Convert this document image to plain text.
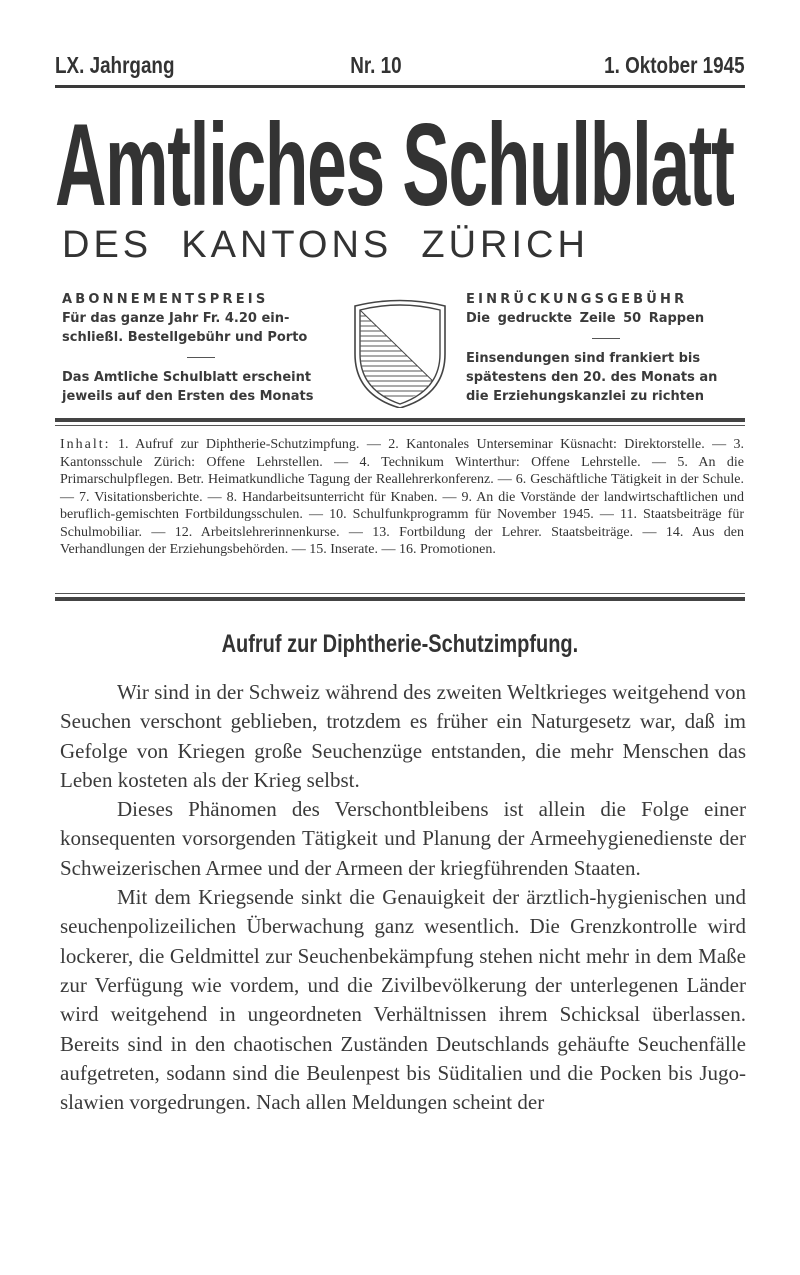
LX. Jahrgang	Nr. 10	1. Oktober 1945
Amtliches Schulblatt
DES  KANTONS  ZÜRICH
ABONNEMENTSPREIS
Für das ganze Jahr Fr. 4.20 ein-
schließl. Bestellgebühr und Porto
Das Amtliche Schulblatt erscheint
jeweils auf den Ersten des Monats
EINRÜCKUNGSGEBÜHR
Die gedruckte Zeile 50 Rappen
Einsendungen sind frankiert bis
spätestens den 20. des Monats an
die Erziehungskanzlei zu richten
Inhalt: 1. Aufruf zur Diphtherie-Schutzimpfung. — 2. Kantonales Unterseminar Küsnacht: Direktorstelle. — 3. Kantonsschule Zürich: Offene Lehrstellen. — 4. Technikum Winterthur: Offene Lehrstelle. — 5. An die Primarschulpflegen. Betr. Heimatkundliche Tagung der Reallehrerkonferenz. — 6. Geschäftliche Tätigkeit in der Schule. — 7. Visitationsberichte. — 8. Handarbeitsunterricht für Knaben. — 9. An die Vorstände der landwirtschaftlichen und beruflich-gemischten Fortbildungsschulen. — 10. Schulfunkprogramm für November 1945. — 11. Staatsbeiträge für Schulmobiliar. — 12. Arbeitslehrerinnenkurse. — 13. Fortbildung der Lehrer. Staatsbeiträge. — 14. Aus den Verhandlungen der Erziehungsbehörden. — 15. Inserate. — 16. Promotionen.
Aufruf zur Diphtherie-Schutzimpfung.

Wir sind in der Schweiz während des zweiten Weltkrieges weitgehend von Seuchen verschont geblieben, trotzdem es früher ein Naturgesetz war, daß im Gefolge von Kriegen große Seuchenzüge entstanden, die mehr Menschen das Leben kosteten als der Krieg selbst.

Dieses Phänomen des Verschontbleibens ist allein die Folge einer konsequenten vorsorgenden Tätigkeit und Planung der Armeehygienedienste der Schweizerischen Armee und der Armeen der kriegführenden Staaten.

Mit dem Kriegsende sinkt die Genauigkeit der ärztlich-hygienischen und seuchenpolizeilichen Überwachung ganz wesentlich. Die Grenzkontrolle wird lockerer, die Geldmittel zur Seuchenbekämpfung stehen nicht mehr in dem Maße zur Verfügung wie vordem, und die Zivilbevölkerung der unterlegenen Länder wird weitgehend in ungeordneten Verhältnissen ihrem Schicksal überlassen. Bereits sind in den chaotischen Zuständen Deutschlands gehäufte Seuchenfälle aufgetreten, sodann sind die Beulenpest bis Süditalien und die Pocken bis Jugoslawien vorgedrungen. Nach allen Meldungen scheint der
